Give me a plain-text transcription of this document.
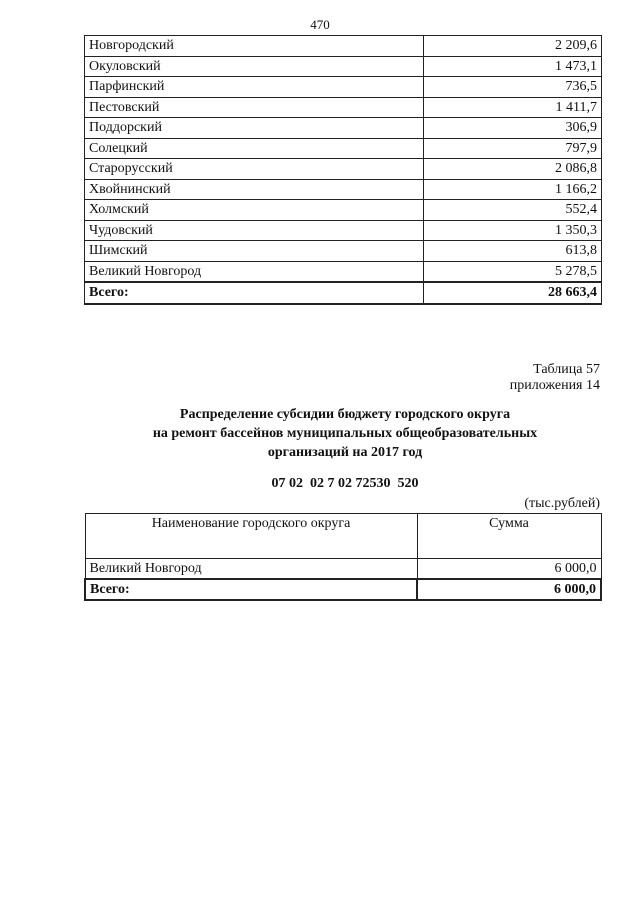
470
Новгородский	2 209,6
Окуловский	1 473,1
Парфинский	736,5
Пестовский	1 411,7
Поддорский	306,9
Солецкий	797,9
Старорусский	2 086,8
Хвойнинский	1 166,2
Холмский	552,4
Чудовский	1 350,3
Шимский	613,8
Великий Новгород	5 278,5
Всего:	28 663,4
Таблица 57
приложения 14
Распределение субсидии бюджету городского округа
на ремонт бассейнов муниципальных общеобразовательных
организаций на 2017 год
07 02  02 7 02 72530  520
(тыс.рублей)
Наименование городского округа	Сумма
Великий Новгород	6 000,0
Всего:	6 000,0
